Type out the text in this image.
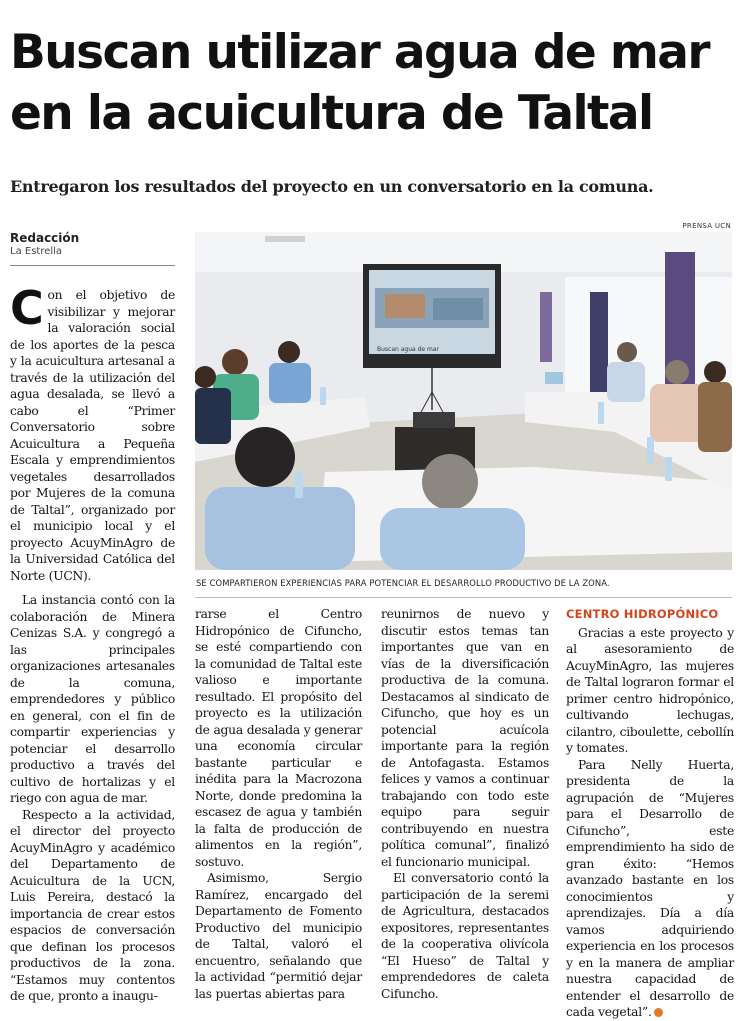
Buscan utilizar agua de mar
en la acuicultura de Taltal
Entregaron los resultados del proyecto en un conversatorio en la comuna.
Redacción
La Estrella
PRENSA UCN
Buscan agua de mar
SE COMPARTIERON EXPERIENCIAS PARA POTENCIAR EL DESARROLLO PRODUCTIVO DE LA ZONA.
C on el objetivo de visibilizar y mejorar la valoración social de los aportes de la pesca y la acuicultura artesanal a través de la utilización del agua desalada, se llevó a cabo el “Primer Conversatorio sobre Acuicultura a Pequeña Escala y emprendimientos vegetales desarrollados por Mujeres de la comuna de Taltal”, organizado por el municipio local y el proyecto AcuyMinAgro de la Universidad Católica del Norte (UCN).

La instancia contó con la colaboración de Minera Cenizas S.A. y congregó a las principales organizaciones artesanales de la comuna, emprendedores y público en general, con el fin de compartir experiencias y potenciar el desarrollo productivo a través del cultivo de hortalizas y el riego con agua de mar.

Respecto a la actividad, el director del proyecto AcuyMinAgro y académico del Departamento de Acuicultura de la UCN, Luis Pereira, destacó la importancia de crear estos espacios de conversación que definan los procesos productivos de la zona. “Estamos muy contentos de que, pronto a inaugu-

rarse el Centro Hidropónico de Cifuncho, se esté compartiendo con la comunidad de Taltal este valioso e importante resultado. El propósito del proyecto es la utilización de agua desalada y generar una economía circular bastante particular e inédita para la Macrozona Norte, donde predomina la escasez de agua y también la falta de producción de alimentos en la región”, sostuvo.

Asimismo, Sergio Ramírez, encargado del Departamento de Fomento Productivo del municipio de Taltal, valoró el encuentro, señalando que la actividad “permitió dejar las puertas abiertas para

reunirnos de nuevo y discutir estos temas tan importantes que van en vías de la diversificación productiva de la comuna. Destacamos al sindicato de Cifuncho, que hoy es un potencial acuícola importante para la región de Antofagasta. Estamos felices y vamos a continuar trabajando con todo este equipo para seguir contribuyendo en nuestra política comunal”, finalizó el funcionario municipal.

El conversatorio contó la participación de la seremi de Agricultura, destacados expositores, representantes de la cooperativa olivícola “El Hueso” de Taltal y emprendedores de caleta Cifuncho.

CENTRO HIDROPÓNICO

Gracias a este proyecto y al asesoramiento de AcuyMinAgro, las mujeres de Taltal lograron formar el primer centro hidropónico, cultivando lechugas, cilantro, ciboulette, cebollín y tomates.

Para Nelly Huerta, presidenta de la agrupación de “Mujeres para el Desarrollo de Cifuncho”, este emprendimiento ha sido de gran éxito: “Hemos avanzado bastante en los conocimientos y aprendizajes. Día a día vamos adquiriendo experiencia en los procesos y en la manera de ampliar nuestra capacidad de entender el desarrollo de cada vegetal”.
